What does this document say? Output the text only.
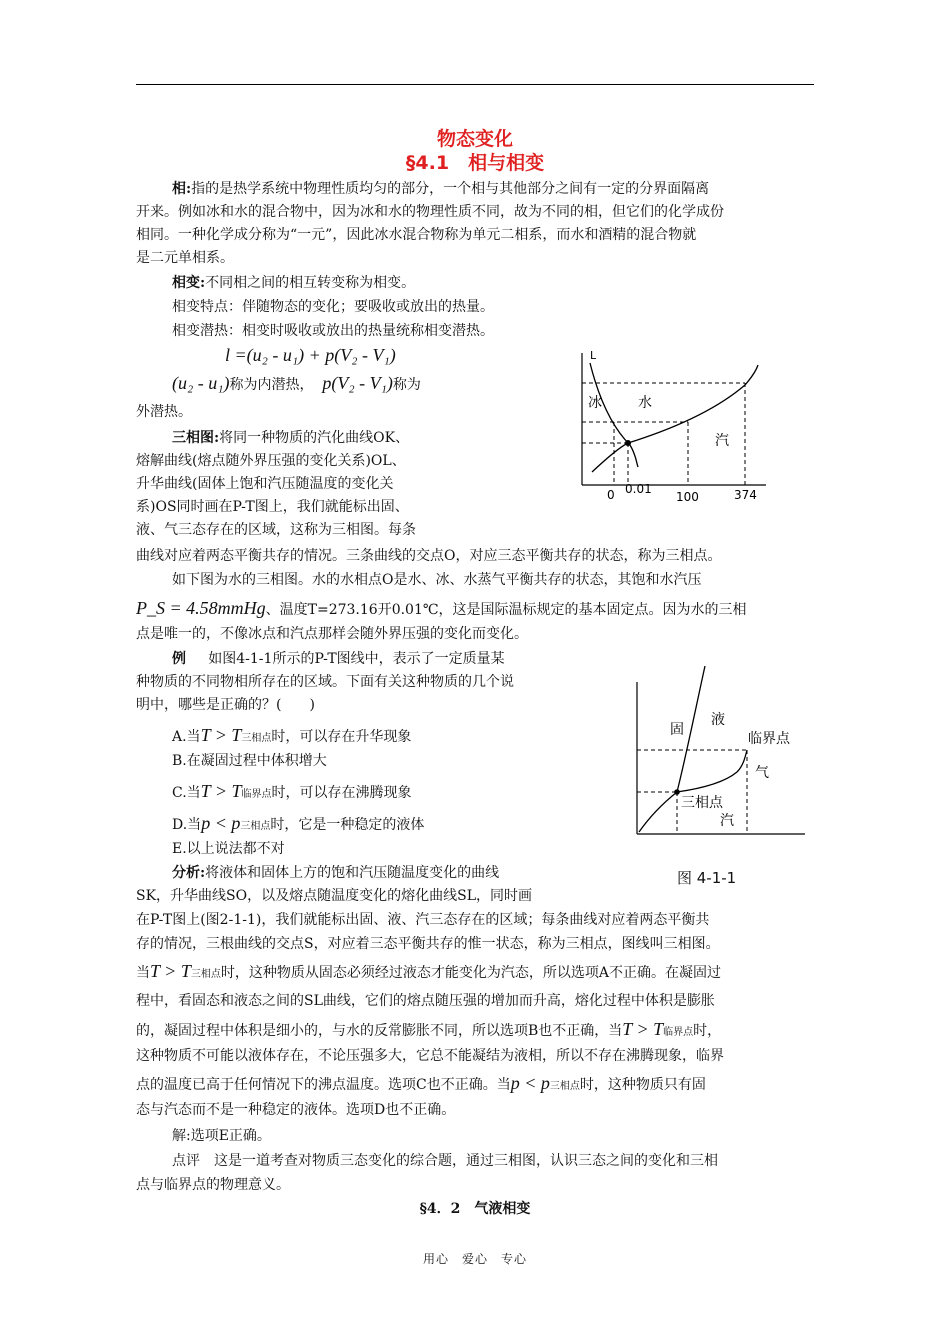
物态变化
§4.1　相与相变
相:指的是热学系统中物理性质均匀的部分，一个相与其他部分之间有一定的分界面隔离
开来。例如冰和水的混合物中，因为冰和水的物理性质不同，故为不同的相，但它们的化学成份
相同。一种化学成分称为“一元”，因此冰水混合物称为单元二相系，而水和酒精的混合物就
是二元单相系。
相变:不同相之间的相互转变称为相变。
相变特点：伴随物态的变化；要吸收或放出的热量。
相变潜热：相变时吸收或放出的热量统称相变潜热。
l =(u₂ - u₁) + p(V₂ - V₁)
(u₂ - u₁)称为内潜热， p(V₂ - V₁)称为
外潜热。
L
冰	水
汽
0 0.01
100	374
三相图:将同一种物质的汽化曲线OK、
熔解曲线(熔点随外界压强的变化关系)OL、
升华曲线(固体上饱和汽压随温度的变化关
系)OS同时画在P-T图上，我们就能标出固、
液、气三态存在的区域，这称为三相图。每条
曲线对应着两态平衡共存的情况。三条曲线的交点O，对应三态平衡共存的状态，称为三相点。
如下图为水的三相图。水的水相点O是水、冰、水蒸气平衡共存的状态，其饱和水汽压
P_S = 4.58mmHg、温度T=273.16开0.01℃，这是国际温标规定的基本固定点。因为水的三相
点是唯一的，不像冰点和汽点那样会随外界压强的变化而变化。
例 如图4-1-1所示的P-T图线中，表示了一定质量某
种物质的不同物相所存在的区域。下面有关这种物质的几个说
明中，哪些是正确的？(　　)
A.当T > T三相点时，可以存在升华现象
B.在凝固过程中体积增大
C.当T > T临界点时，可以存在沸腾现象
D.当p < p三相点时，它是一种稳定的液体
E.以上说法都不对
固
液
临界点
气
三相点
汽
图 4-1-1
分析:将液体和固体上方的饱和汽压随温度变化的曲线
SK，升华曲线SO，以及熔点随温度变化的熔化曲线SL，同时画
在P-T图上(图2-1-1)，我们就能标出固、液、汽三态存在的区域；每条曲线对应着两态平衡共
存的情况，三根曲线的交点S，对应着三态平衡共存的惟一状态，称为三相点，图线叫三相图。
当T > T三相点时，这种物质从固态必须经过液态才能变化为汽态，所以选项A不正确。在凝固过
程中，看固态和液态之间的SL曲线，它们的熔点随压强的增加而升高，熔化过程中体积是膨胀
的，凝固过程中体积是细小的，与水的反常膨胀不同，所以选项B也不正确，当T > T临界点时，
这种物质不可能以液体存在，不论压强多大，它总不能凝结为液相，所以不存在沸腾现象，临界
点的温度已高于任何情况下的沸点温度。选项C也不正确。当p < p三相点时，这种物质只有固
态与汽态而不是一种稳定的液体。选项D也不正确。
解:选项E正确。
点评　这是一道考查对物质三态变化的综合题，通过三相图，认识三态之间的变化和三相
点与临界点的物理意义。
§4．2　气液相变
用心　爱心　专心
